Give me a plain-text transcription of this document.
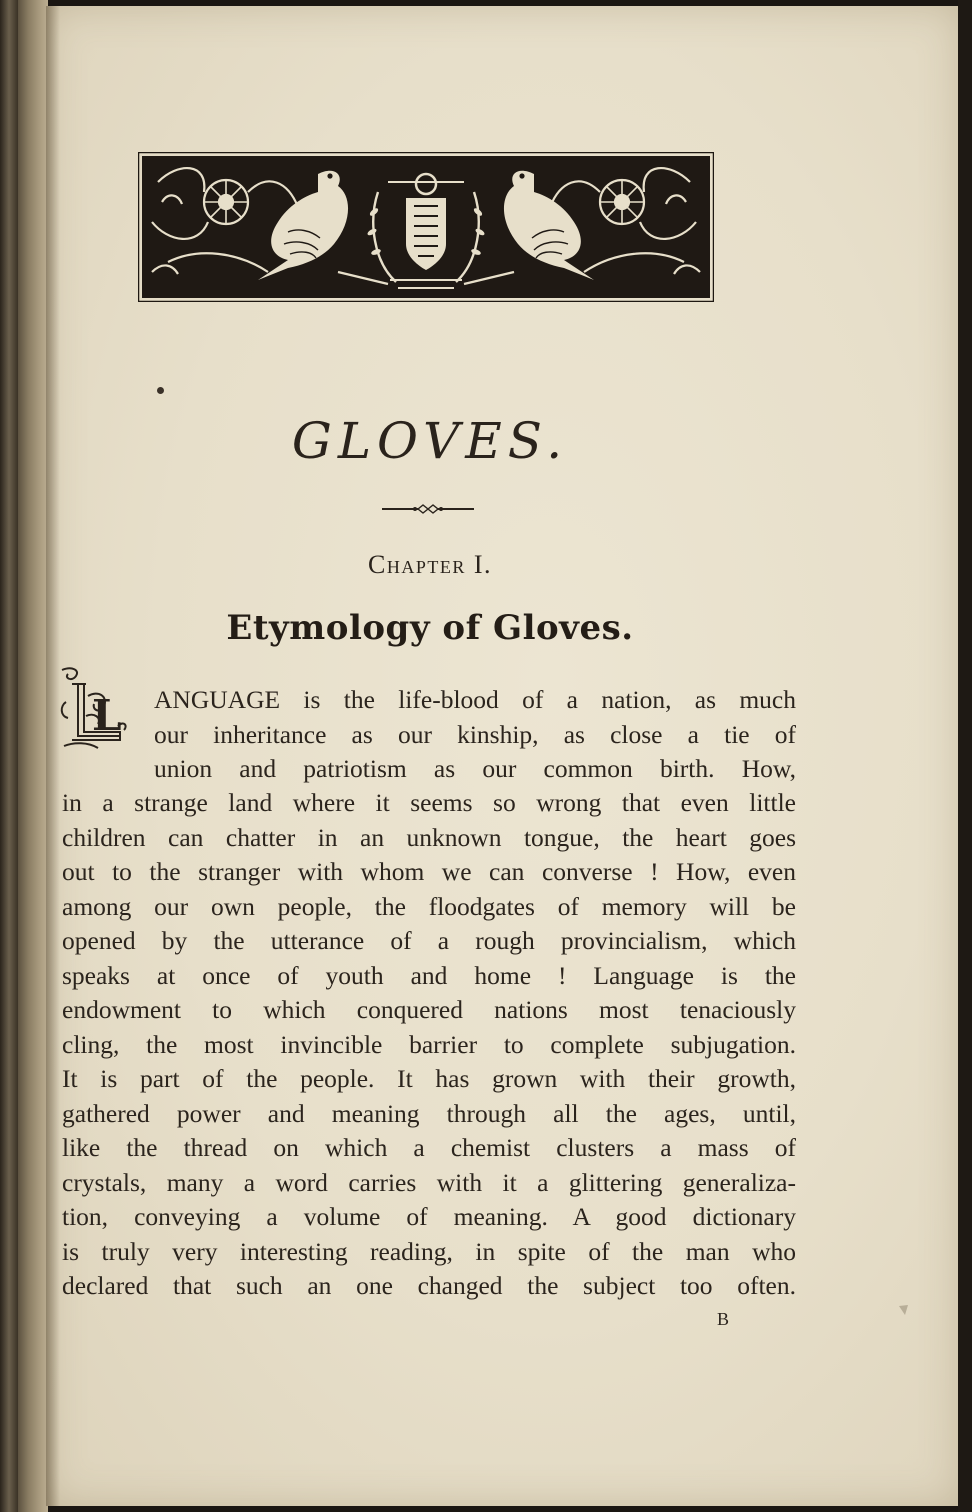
GLOVES.
Chapter I.
Etymology of Gloves.
L ANGUAGE is the life-blood of a nation, as much
our inheritance as our kinship, as close a tie of
union and patriotism as our common birth. How,
in a strange land where it seems so wrong that even little
children can chatter in an unknown tongue, the heart goes
out to the stranger with whom we can converse ! How, even
among our own people, the floodgates of memory will be
opened by the utterance of a rough provincialism, which
speaks at once of youth and home ! Language is the
endowment to which conquered nations most tenaciously
cling, the most invincible barrier to complete subjugation.
It is part of the people. It has grown with their growth,
gathered power and meaning through all the ages, until,
like the thread on which a chemist clusters a mass of
crystals, many a word carries with it a glittering generaliza-
tion, conveying a volume of meaning. A good dictionary
is truly very interesting reading, in spite of the man who
declared that such an one changed the subject too often.
B
